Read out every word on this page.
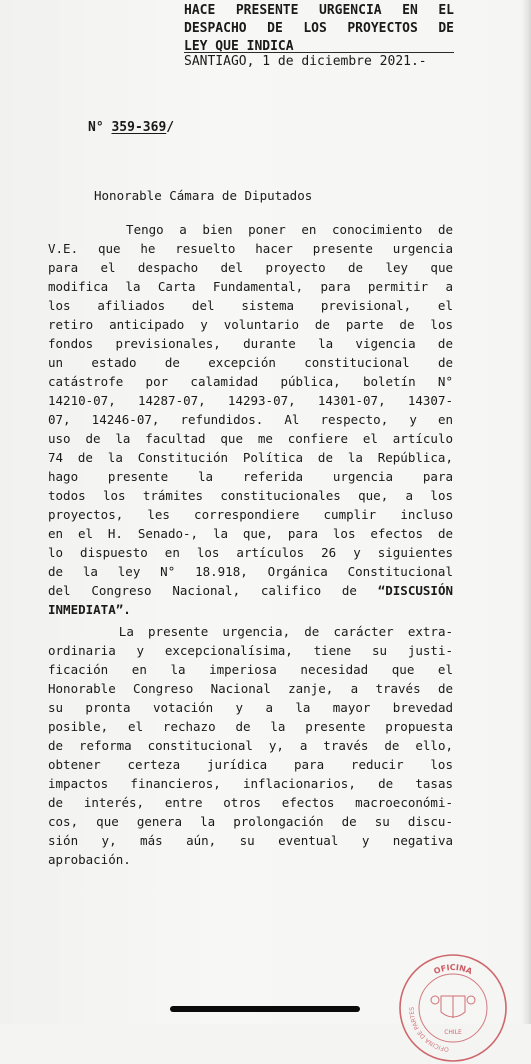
HACE PRESENTE URGENCIA EN EL
DESPACHO DE LOS PROYECTOS DE
LEY QUE INDICA
SANTIAGO, 1 de diciembre 2021.-
N° 359-369/
Honorable Cámara de Diputados
Tengo a bien poner en conocimiento de
V.E. que he resuelto hacer presente urgencia
para el despacho del proyecto de ley que
modifica la Carta Fundamental, para permitir a
los afiliados del sistema previsional, el
retiro anticipado y voluntario de parte de los
fondos previsionales, durante la vigencia de
un estado de excepción constitucional de
catástrofe por calamidad pública, boletín N°
14210-07, 14287-07, 14293-07, 14301-07, 14307-
07, 14246-07, refundidos. Al respecto, y en
uso de la facultad que me confiere el artículo
74 de la Constitución Política de la República,
hago presente la referida urgencia para
todos los trámites constitucionales que, a los
proyectos, les correspondiere cumplir incluso
en el H. Senado-, la que, para los efectos de
lo dispuesto en los artículos 26 y siguientes
de la ley N° 18.918, Orgánica Constitucional
del Congreso Nacional, califico de “DISCUSIÓN
INMEDIATA”.
La presente urgencia, de carácter extra-
ordinaria y excepcionalísima, tiene su justi-
ficación en la imperiosa necesidad que el
Honorable Congreso Nacional zanje, a través de
su pronta votación y a la mayor brevedad
posible, el rechazo de la presente propuesta
de reforma constitucional y, a través de ello,
obtener certeza jurídica para reducir los
impactos financieros, inflacionarios, de tasas
de interés, entre otros efectos macroeconómi-
cos, que genera la prolongación de su discu-
sión y, más aún, su eventual y negativa
aprobación.
OFICINA
OFICINA DE PARTES
CHILE
